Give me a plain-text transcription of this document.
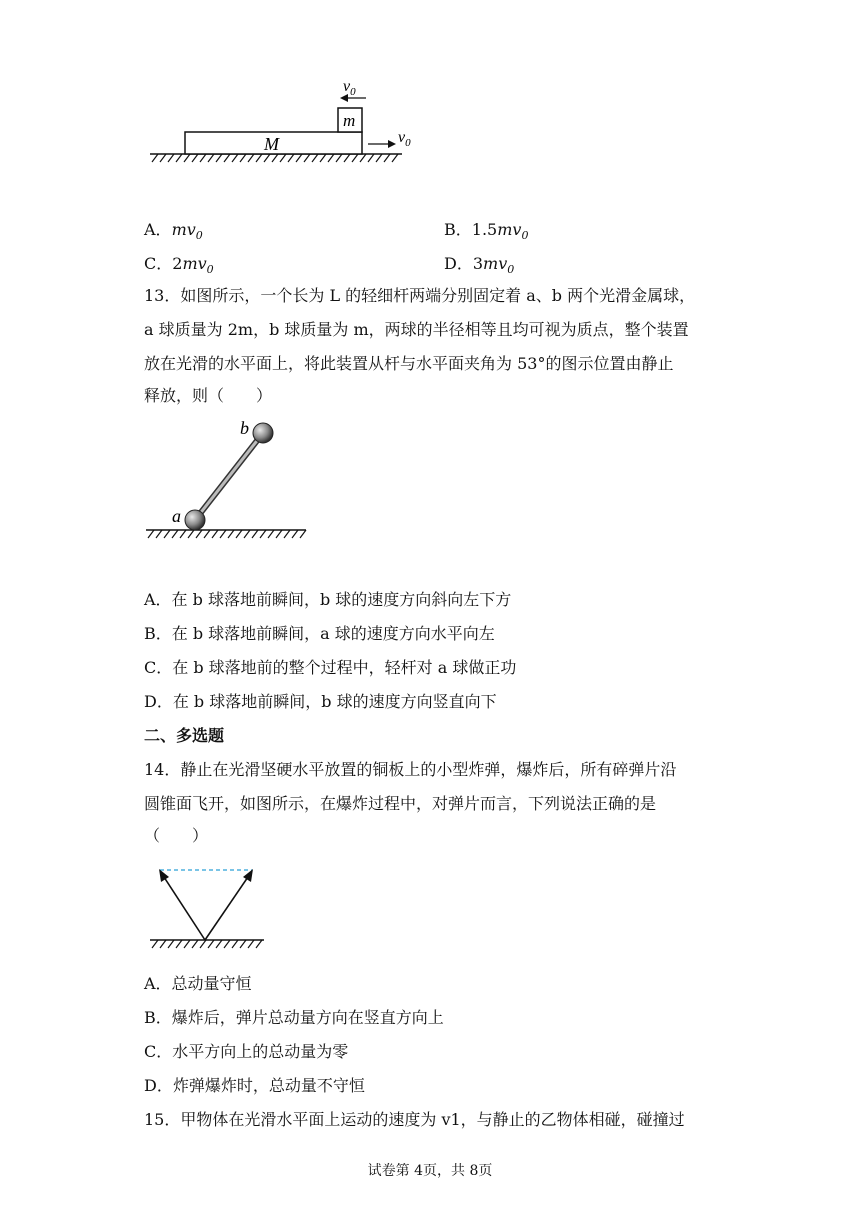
M
m
$v_0$
$v_0$
A．$mv_0$	B．$1.5mv_0$
C．$2mv_0$	D．$3mv_0$
13．如图所示，一个长为 L 的轻细杆两端分别固定着 a、b 两个光滑金属球，
a 球质量为 2m，b 球质量为 m，两球的半径相等且均可视为质点，整个装置
放在光滑的水平面上，将此装置从杆与水平面夹角为 53°的图示位置由静止
释放，则（　　）
a
b
A．在 b 球落地前瞬间，b 球的速度方向斜向左下方
B．在 b 球落地前瞬间，a 球的速度方向水平向左
C．在 b 球落地前的整个过程中，轻杆对 a 球做正功
D．在 b 球落地前瞬间，b 球的速度方向竖直向下
二、多选题
14．静止在光滑坚硬水平放置的铜板上的小型炸弹，爆炸后，所有碎弹片沿
圆锥面飞开，如图所示，在爆炸过程中，对弹片而言，下列说法正确的是
（　　）
A．总动量守恒
B．爆炸后，弹片总动量方向在竖直方向上
C．水平方向上的总动量为零
D．炸弹爆炸时，总动量不守恒
15．甲物体在光滑水平面上运动的速度为 v1，与静止的乙物体相碰，碰撞过
试卷第 4页，共 8页
